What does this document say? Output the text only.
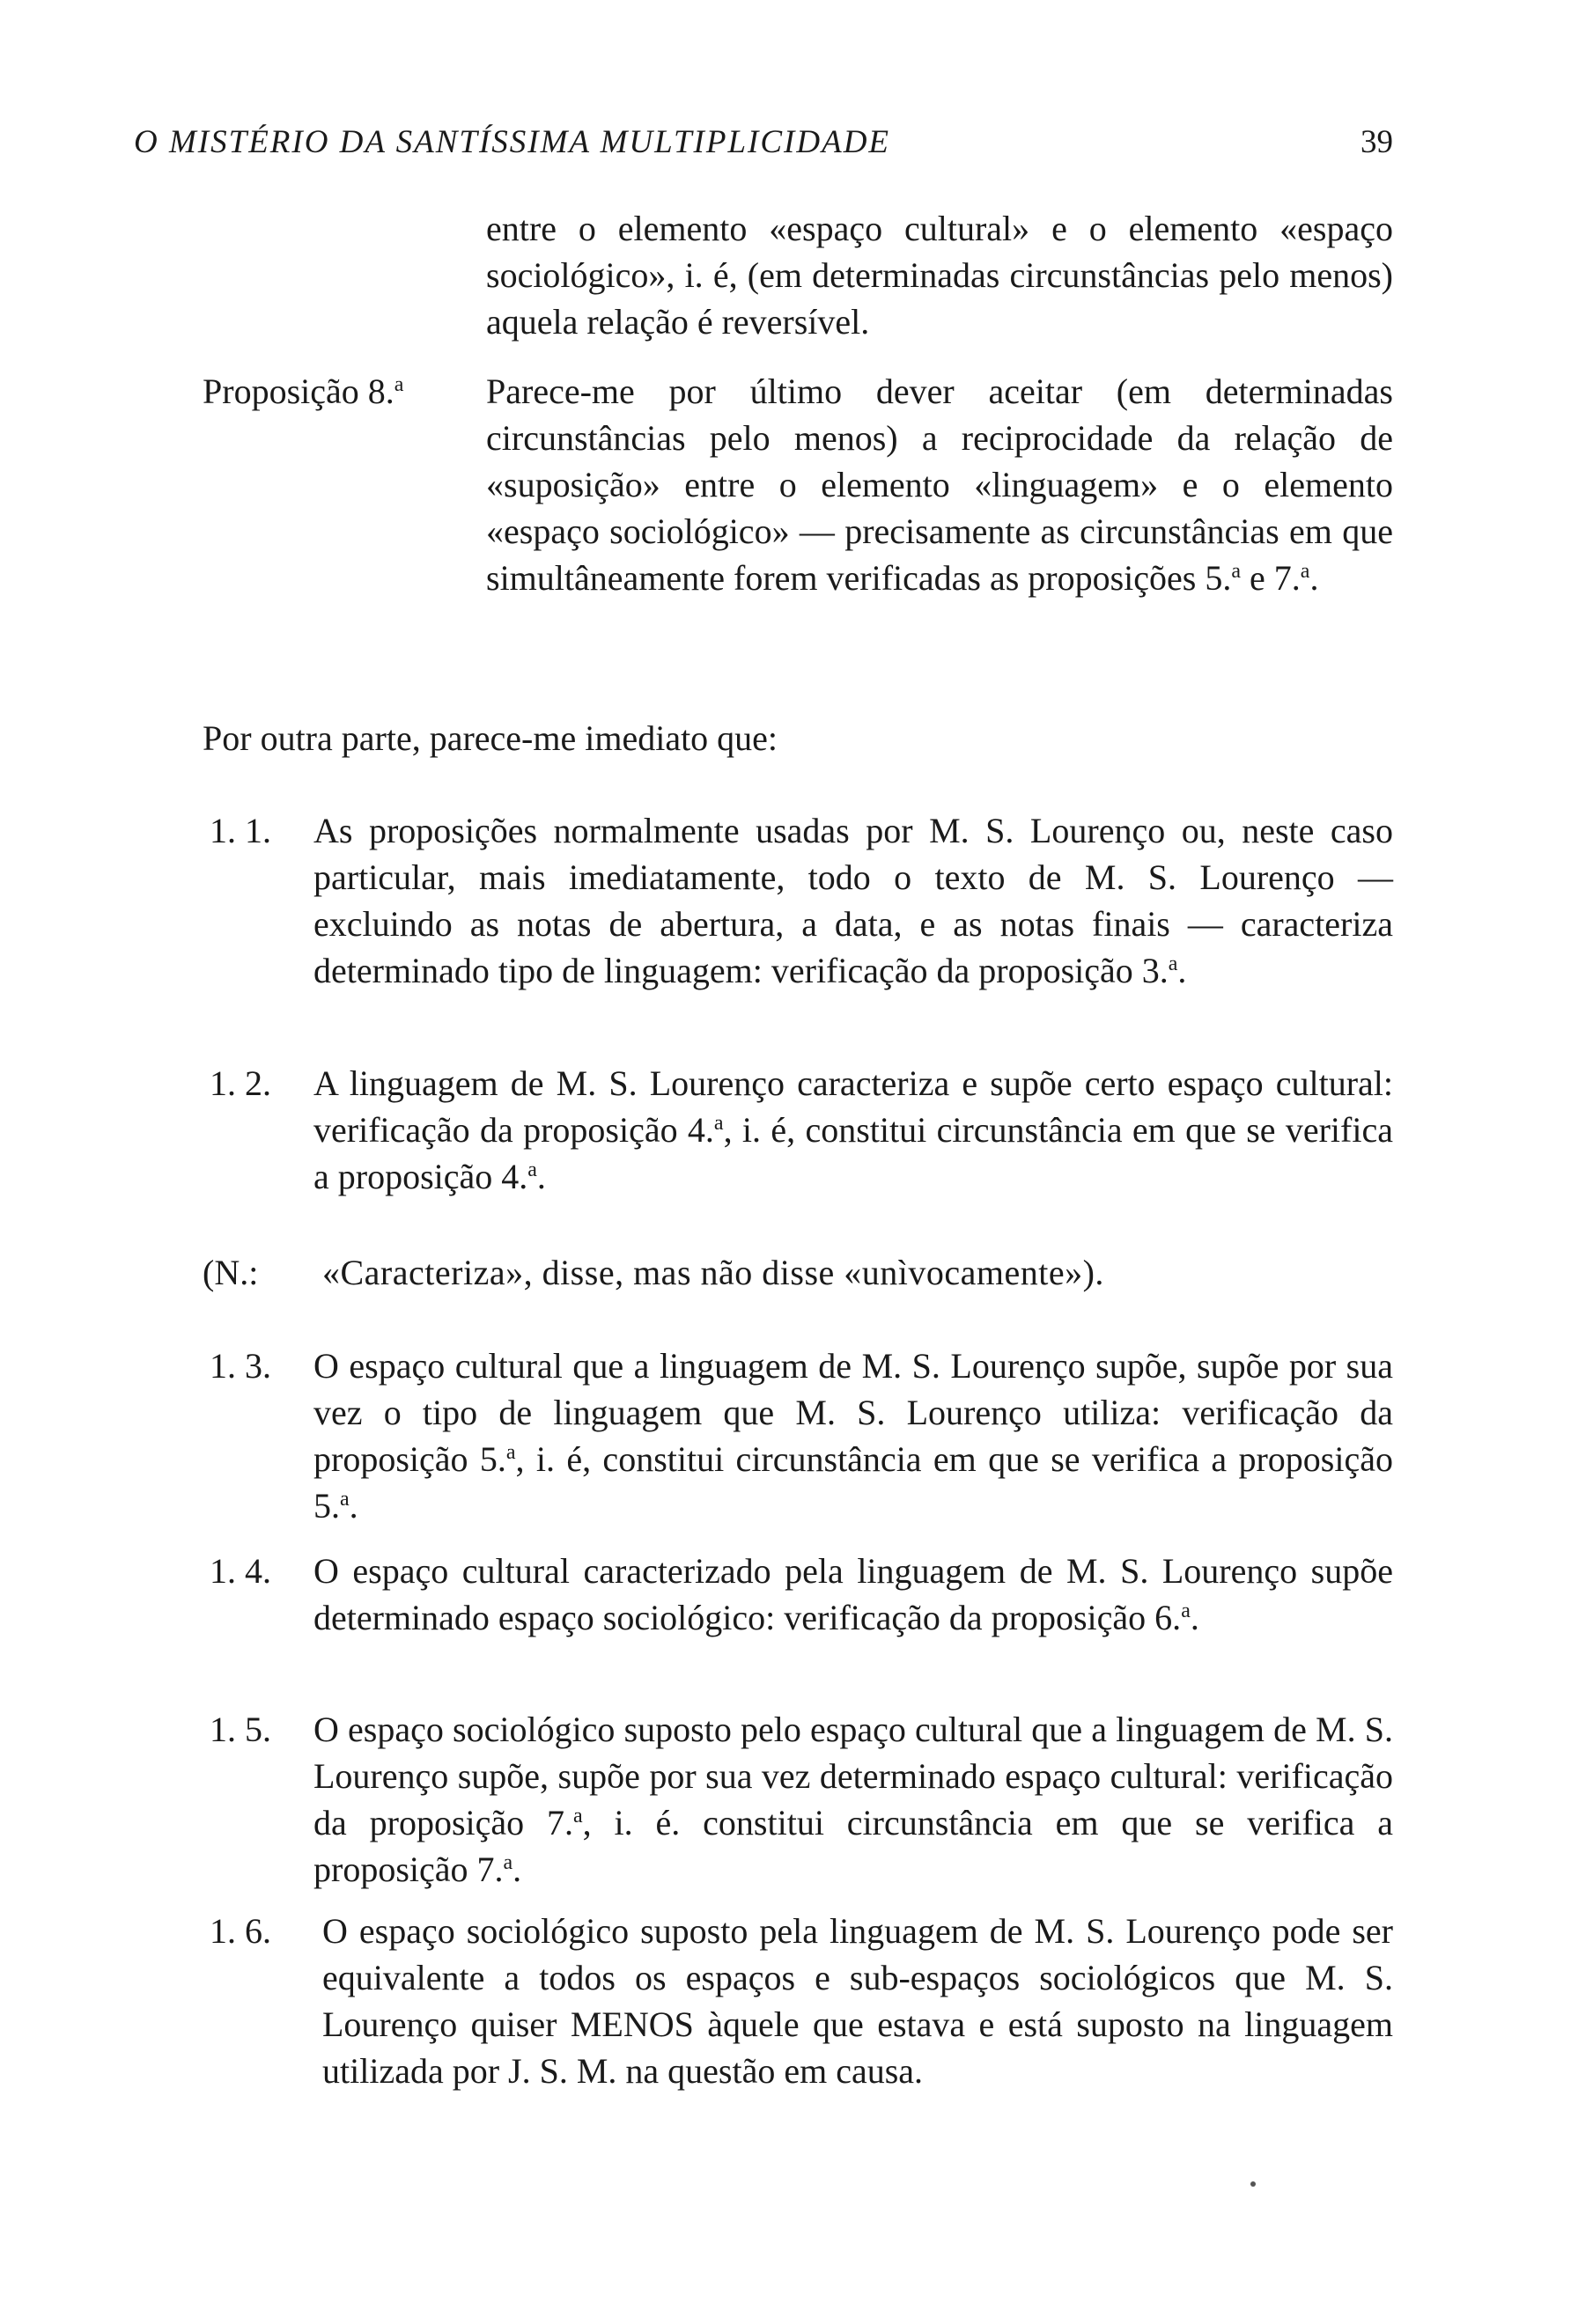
O MISTÉRIO DA SANTÍSSIMA MULTIPLICIDADE	39
entre o elemento «espaço cultural» e o elemento «espaço sociológico», i. é, (em determinadas circunstâncias pelo menos) aquela relação é reversível.
Proposição 8.$^a$ Parece-me por último dever aceitar (em determinadas circunstâncias pelo menos) a reciprocidade da relação de «suposição» entre o elemento «linguagem» e o elemento «espaço sociológico» — precisamente as circunstâncias em que simultâneamente forem verificadas as proposições 5.$^a$ e 7.$^a$.
Por outra parte, parece-me imediato que:
1. 1. As proposições normalmente usadas por M. S. Lourenço ou, neste caso particular, mais imediatamente, todo o texto de M. S. Lourenço — excluindo as notas de abertura, a data, e as notas finais — caracteriza determinado tipo de linguagem: verificação da proposição 3.$^a$.
1. 2. A linguagem de M. S. Lourenço caracteriza e supõe certo espaço cultural: verificação da proposição 4.$^a$, i. é, constitui circunstância em que se verifica a proposição 4.$^a$.
(N.: «Caracteriza», disse, mas não disse «unìvocamente»).
1. 3. O espaço cultural que a linguagem de M. S. Lourenço supõe, supõe por sua vez o tipo de linguagem que M. S. Lourenço utiliza: verificação da proposição 5.$^a$, i. é, constitui circunstância em que se verifica a proposição 5.$^a$.
1. 4. O espaço cultural caracterizado pela linguagem de M. S. Lourenço supõe determinado espaço sociológico: verificação da proposição 6.$^a$.
1. 5. O espaço sociológico suposto pelo espaço cultural que a linguagem de M. S. Lourenço supõe, supõe por sua vez determinado espaço cultural: verificação da proposição 7.$^a$, i. é. constitui circunstância em que se verifica a proposição 7.$^a$.
1. 6. O espaço sociológico suposto pela linguagem de M. S. Lourenço pode ser equivalente a todos os espaços e sub-espaços sociológicos que M. S. Lourenço quiser MENOS àquele que estava e está suposto na linguagem utilizada por J. S. M. na questão em causa.
